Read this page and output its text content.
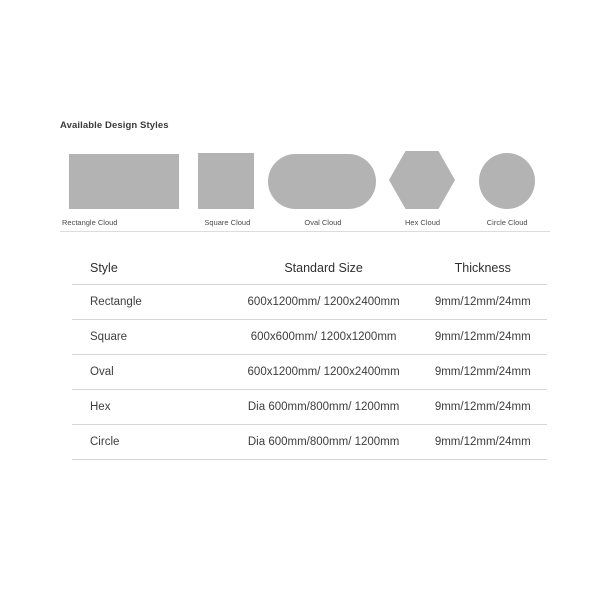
Available Design Styles
Rectangle Cloud	Square Cloud	Oval Cloud	Hex Cloud	Circle Cloud
Style	Standard Size	Thickness
Rectangle	600x1200mm/ 1200x2400mm	9mm/12mm/24mm
Square	600x600mm/ 1200x1200mm	9mm/12mm/24mm
Oval	600x1200mm/ 1200x2400mm	9mm/12mm/24mm
Hex	Dia 600mm/800mm/ 1200mm	9mm/12mm/24mm
Circle	Dia 600mm/800mm/ 1200mm	9mm/12mm/24mm
